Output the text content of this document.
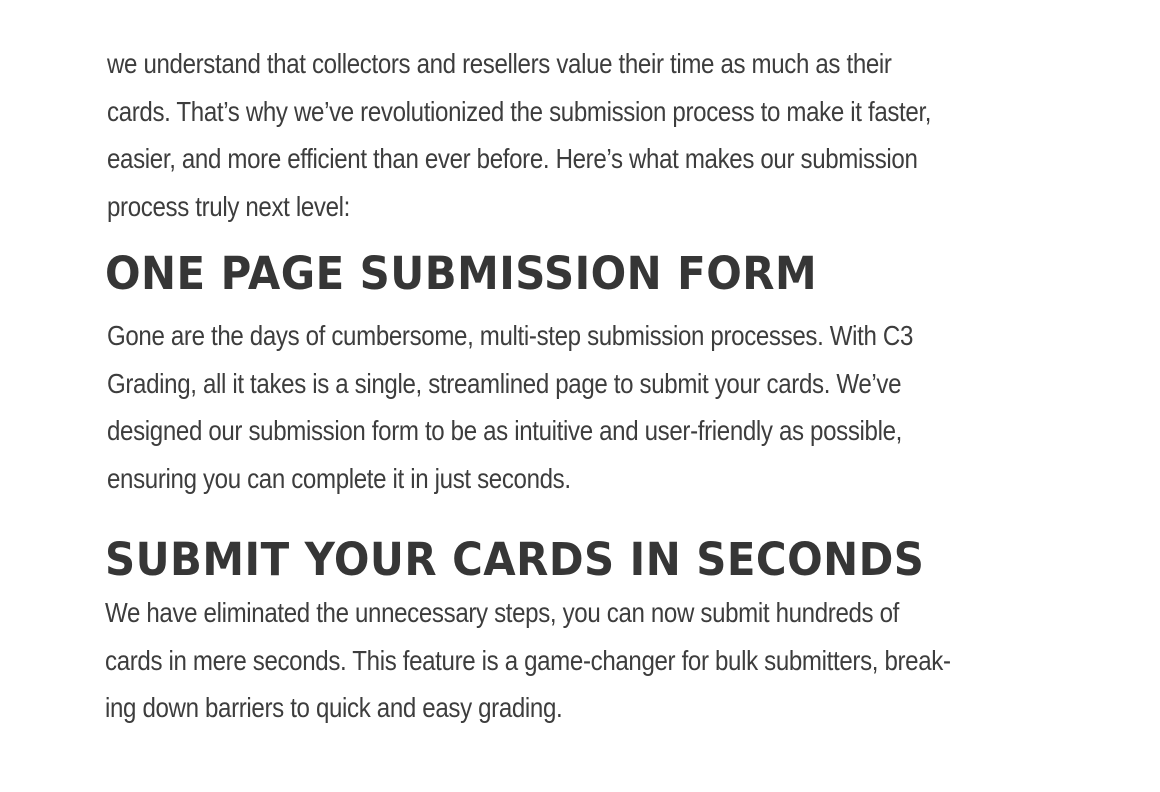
we understand that collectors and resellers value their time as much as their
cards. That’s why we’ve revolutionized the submission process to make it faster,
easier, and more efficient than ever before. Here’s what makes our submission
process truly next level:

ONE PAGE SUBMISSION FORM

Gone are the days of cumbersome, multi-step submission processes. With C3
Grading, all it takes is a single, streamlined page to submit your cards. We’ve
designed our submission form to be as intuitive and user-friendly as possible,
ensuring you can complete it in just seconds.

SUBMIT YOUR CARDS IN SECONDS

We have eliminated the unnecessary steps, you can now submit hundreds of
cards in mere seconds. This feature is a game-changer for bulk submitters, break-
ing down barriers to quick and easy grading.
